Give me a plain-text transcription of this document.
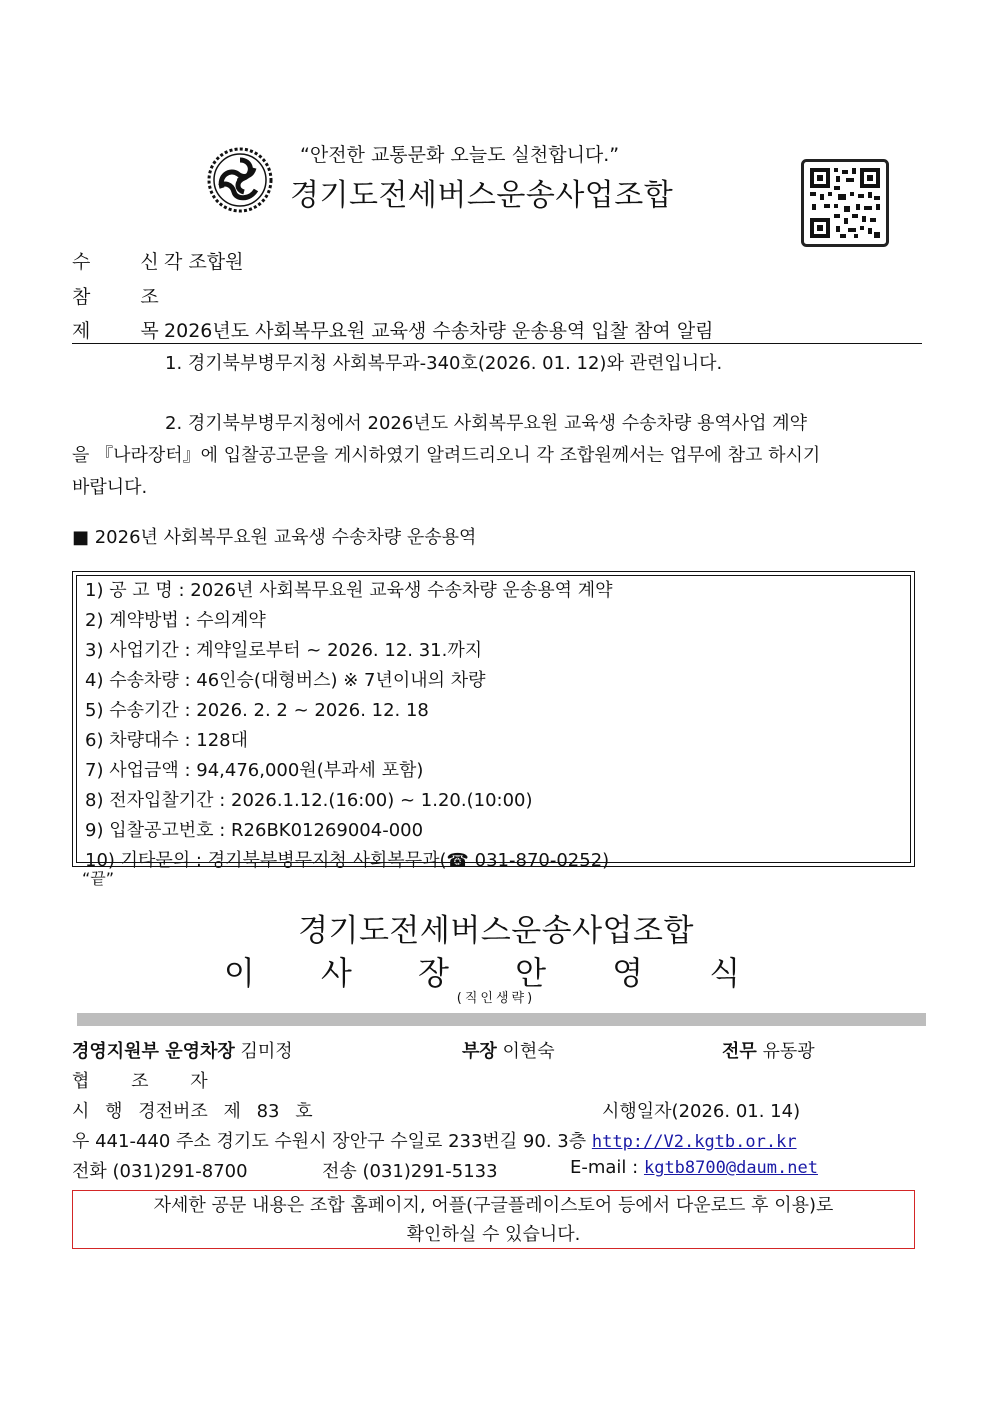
“안전한 교통문화 오늘도 실천합니다.”
경기도전세버스운송사업조합
수 신 각 조합원
참 조
제 목 2026년도 사회복무요원 교육생 수송차량 운송용역 입찰 참여 알림
1. 경기북부병무지청 사회복무과-340호(2026. 01. 12)와 관련입니다.
2. 경기북부병무지청에서 2026년도 사회복무요원 교육생 수송차량 용역사업 계약
을 『나라장터』에 입찰공고문을 게시하였기 알려드리오니 각 조합원께서는 업무에 참고 하시기
바랍니다.
■ 2026년 사회복무요원 교육생 수송차량 운송용역
1) 공 고 명 : 2026년 사회복무요원 교육생 수송차량 운송용역 계약
2) 계약방법 : 수의계약
3) 사업기간 : 계약일로부터 ~ 2026. 12. 31.까지
4) 수송차량 : 46인승(대형버스) ※ 7년이내의 차량
5) 수송기간 : 2026. 2. 2 ~ 2026. 12. 18
6) 차량대수 : 128대
7) 사업금액 : 94,476,000원(부과세 포함)
8) 전자입찰기간 : 2026.1.12.(16:00) ~ 1.20.(10:00)
9) 입찰공고번호 : R26BK01269004-000
10) 기타문의 : 경기북부병무지청 사회복무과(☎ 031-870-0252)
“끝”
경기도전세버스운송사업조합
이 사 장 안 영 식
(직인생략)
경영지원부 운영차장 김미정	부장 이현숙	전무 유동광
협 조 자
시 행 경전버조 제 83 호	시행일자(2026. 01. 14)
우 441-440 주소 경기도 수원시 장안구 수일로 233번길 90. 3층 http://V2.kgtb.or.kr
전화 (031)291-8700	전송 (031)291-5133	E-mail : kgtb8700@daum.net
자세한 공문 내용은 조합 홈페이지, 어플(구글플레이스토어 등에서 다운로드 후 이용)로
확인하실 수 있습니다.
